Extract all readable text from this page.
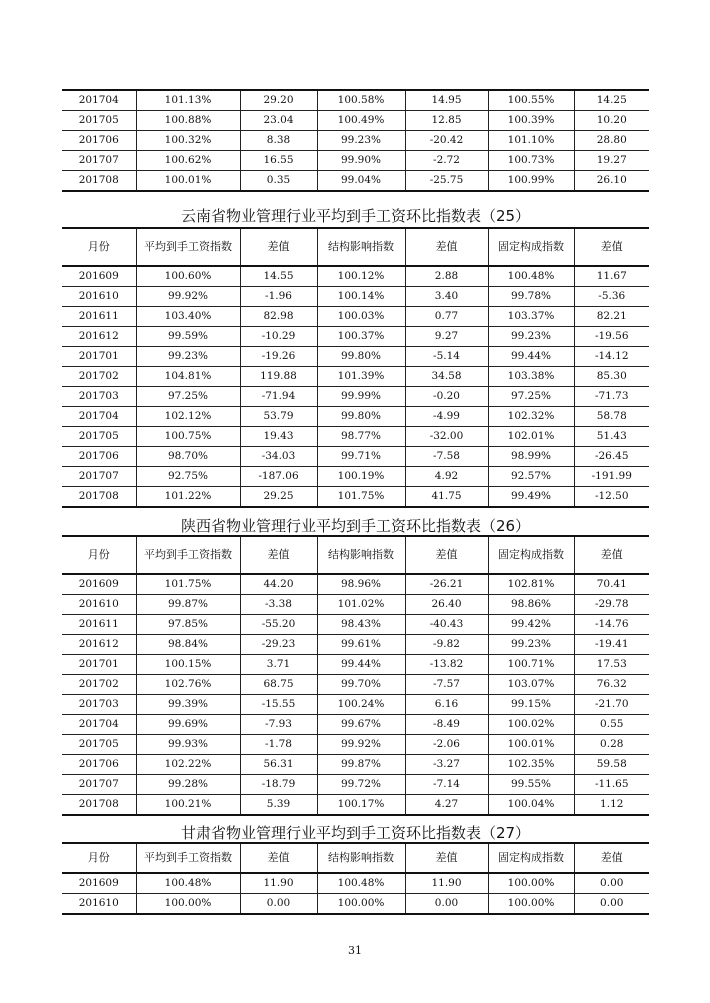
201704	101.13%	29.20	100.58%	14.95	100.55%	14.25
201705	100.88%	23.04	100.49%	12.85	100.39%	10.20
201706	100.32%	8.38	99.23%	-20.42	101.10%	28.80
201707	100.62%	16.55	99.90%	-2.72	100.73%	19.27
201708	100.01%	0.35	99.04%	-25.75	100.99%	26.10
云南省物业管理行业平均到手工资环比指数表（25）
月份	平均到手工资指数	差值	结构影响指数	差值	固定构成指数	差值
201609	100.60%	14.55	100.12%	2.88	100.48%	11.67
201610	99.92%	-1.96	100.14%	3.40	99.78%	-5.36
201611	103.40%	82.98	100.03%	0.77	103.37%	82.21
201612	99.59%	-10.29	100.37%	9.27	99.23%	-19.56
201701	99.23%	-19.26	99.80%	-5.14	99.44%	-14.12
201702	104.81%	119.88	101.39%	34.58	103.38%	85.30
201703	97.25%	-71.94	99.99%	-0.20	97.25%	-71.73
201704	102.12%	53.79	99.80%	-4.99	102.32%	58.78
201705	100.75%	19.43	98.77%	-32.00	102.01%	51.43
201706	98.70%	-34.03	99.71%	-7.58	98.99%	-26.45
201707	92.75%	-187.06	100.19%	4.92	92.57%	-191.99
201708	101.22%	29.25	101.75%	41.75	99.49%	-12.50
陕西省物业管理行业平均到手工资环比指数表（26）
月份	平均到手工资指数	差值	结构影响指数	差值	固定构成指数	差值
201609	101.75%	44.20	98.96%	-26.21	102.81%	70.41
201610	99.87%	-3.38	101.02%	26.40	98.86%	-29.78
201611	97.85%	-55.20	98.43%	-40.43	99.42%	-14.76
201612	98.84%	-29.23	99.61%	-9.82	99.23%	-19.41
201701	100.15%	3.71	99.44%	-13.82	100.71%	17.53
201702	102.76%	68.75	99.70%	-7.57	103.07%	76.32
201703	99.39%	-15.55	100.24%	6.16	99.15%	-21.70
201704	99.69%	-7.93	99.67%	-8.49	100.02%	0.55
201705	99.93%	-1.78	99.92%	-2.06	100.01%	0.28
201706	102.22%	56.31	99.87%	-3.27	102.35%	59.58
201707	99.28%	-18.79	99.72%	-7.14	99.55%	-11.65
201708	100.21%	5.39	100.17%	4.27	100.04%	1.12
甘肃省物业管理行业平均到手工资环比指数表（27）
月份	平均到手工资指数	差值	结构影响指数	差值	固定构成指数	差值
201609	100.48%	11.90	100.48%	11.90	100.00%	0.00
201610	100.00%	0.00	100.00%	0.00	100.00%	0.00
31
